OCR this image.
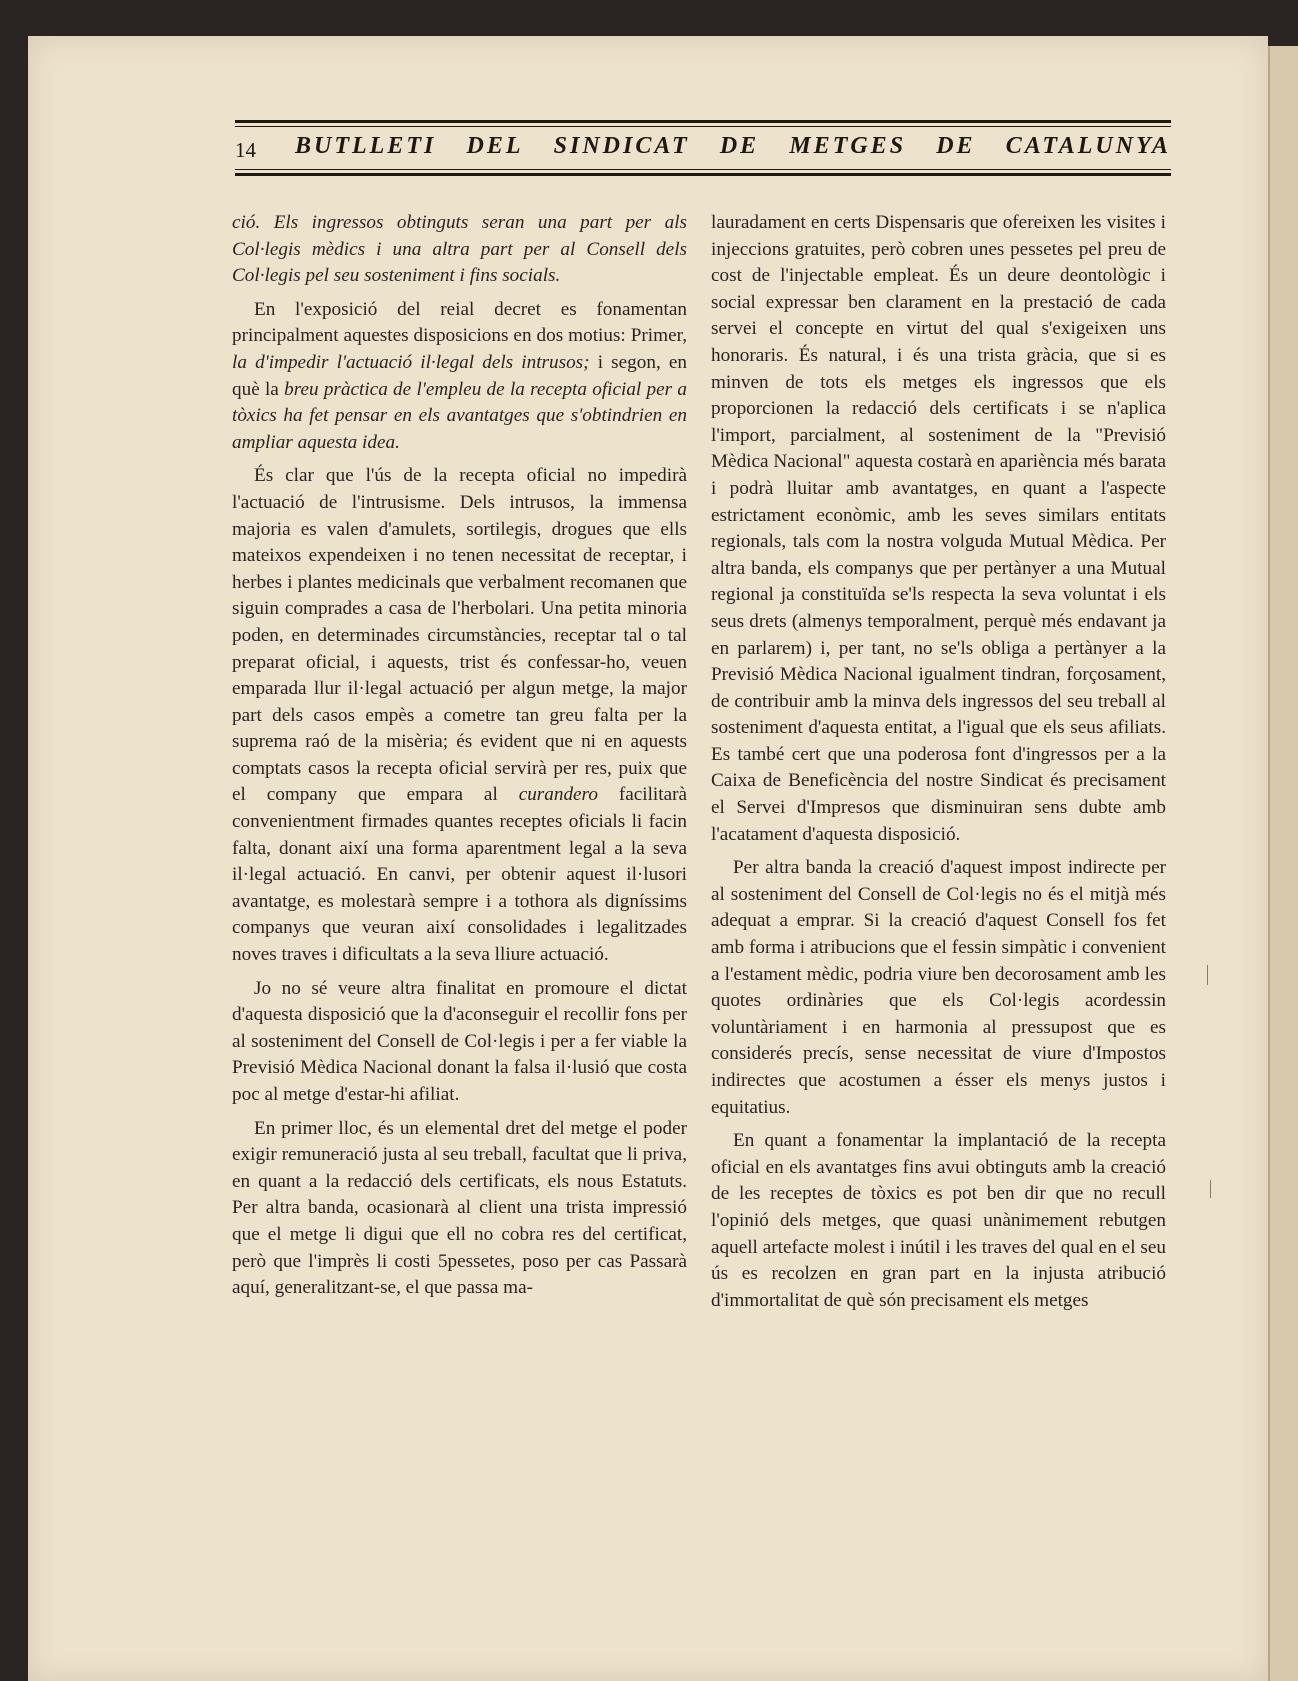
14 BUTLLETI DEL SINDICAT DE METGES DE CATALUNYA

ció. Els ingressos obtinguts seran una part per als Col·legis mèdics i una altra part per al Consell dels Col·legis pel seu sosteniment i fins socials.

En l'exposició del reial decret es fonamentan principalment aquestes disposicions en dos motius: Primer, la d'impedir l'actuació il·legal dels intrusos; i segon, en què la breu pràctica de l'empleu de la recepta oficial per a tòxics ha fet pensar en els avantatges que s'obtindrien en ampliar aquesta idea.

És clar que l'ús de la recepta oficial no impedirà l'actuació de l'intrusisme. Dels intrusos, la immensa majoria es valen d'amulets, sortilegis, drogues que ells mateixos expendeixen i no tenen necessitat de receptar, i herbes i plantes medicinals que verbalment recomanen que siguin comprades a casa de l'herbolari. Una petita minoria poden, en determinades circumstàncies, receptar tal o tal preparat oficial, i aquests, trist és confessar-ho, veuen emparada llur il·legal actuació per algun metge, la major part dels casos empès a cometre tan greu falta per la suprema raó de la misèria; és evident que ni en aquests comptats casos la recepta oficial servirà per res, puix que el company que empara al curandero facilitarà convenientment firmades quantes receptes oficials li facin falta, donant així una forma aparentment legal a la seva il·legal actuació. En canvi, per obtenir aquest il·lusori avantatge, es molestarà sempre i a tothora als digníssims companys que veuran així consolidades i legalitzades noves traves i dificultats a la seva lliure actuació.

Jo no sé veure altra finalitat en promoure el dictat d'aquesta disposició que la d'aconseguir el recollir fons per al sosteniment del Consell de Col·legis i per a fer viable la Previsió Mèdica Nacional donant la falsa il·lusió que costa poc al metge d'estar-hi afiliat.

En primer lloc, és un elemental dret del metge el poder exigir remuneració justa al seu treball, facultat que li priva, en quant a la redacció dels certificats, els nous Estatuts. Per altra banda, ocasionarà al client una trista impressió que el metge li digui que ell no cobra res del certificat, però que l'imprès li costi 5pessetes, poso per cas Passarà aquí, generalitzant-se, el que passa ma-

lauradament en certs Dispensaris que ofereixen les visites i injeccions gratuites, però cobren unes pessetes pel preu de cost de l'injectable empleat. És un deure deontològic i social expressar ben clarament en la prestació de cada servei el concepte en virtut del qual s'exigeixen uns honoraris. És natural, i és una trista gràcia, que si es minven de tots els metges els ingressos que els proporcionen la redacció dels certificats i se n'aplica l'import, parcialment, al sosteniment de la "Previsió Mèdica Nacional" aquesta costarà en apariència més barata i podrà lluitar amb avantatges, en quant a l'aspecte estrictament econòmic, amb les seves similars entitats regionals, tals com la nostra volguda Mutual Mèdica. Per altra banda, els companys que per pertànyer a una Mutual regional ja constituïda se'ls respecta la seva voluntat i els seus drets (almenys temporalment, perquè més endavant ja en parlarem) i, per tant, no se'ls obliga a pertànyer a la Previsió Mèdica Nacional igualment tindran, forçosament, de contribuir amb la minva dels ingressos del seu treball al sosteniment d'aquesta entitat, a l'igual que els seus afiliats. Es també cert que una poderosa font d'ingressos per a la Caixa de Beneficència del nostre Sindicat és precisament el Servei d'Impresos que disminuiran sens dubte amb l'acatament d'aquesta disposició.

Per altra banda la creació d'aquest impost indirecte per al sosteniment del Consell de Col·legis no és el mitjà més adequat a emprar. Si la creació d'aquest Consell fos fet amb forma i atribucions que el fessin simpàtic i convenient a l'estament mèdic, podria viure ben decorosament amb les quotes ordinàries que els Col·legis acordessin voluntàriament i en harmonia al pressupost que es considerés precís, sense necessitat de viure d'Impostos indirectes que acostumen a ésser els menys justos i equitatius.

En quant a fonamentar la implantació de la recepta oficial en els avantatges fins avui obtinguts amb la creació de les receptes de tòxics es pot ben dir que no recull l'opinió dels metges, que quasi unànimement rebutgen aquell artefacte molest i inútil i les traves del qual en el seu ús es recolzen en gran part en la injusta atribució d'immortalitat de què són precisament els metges
